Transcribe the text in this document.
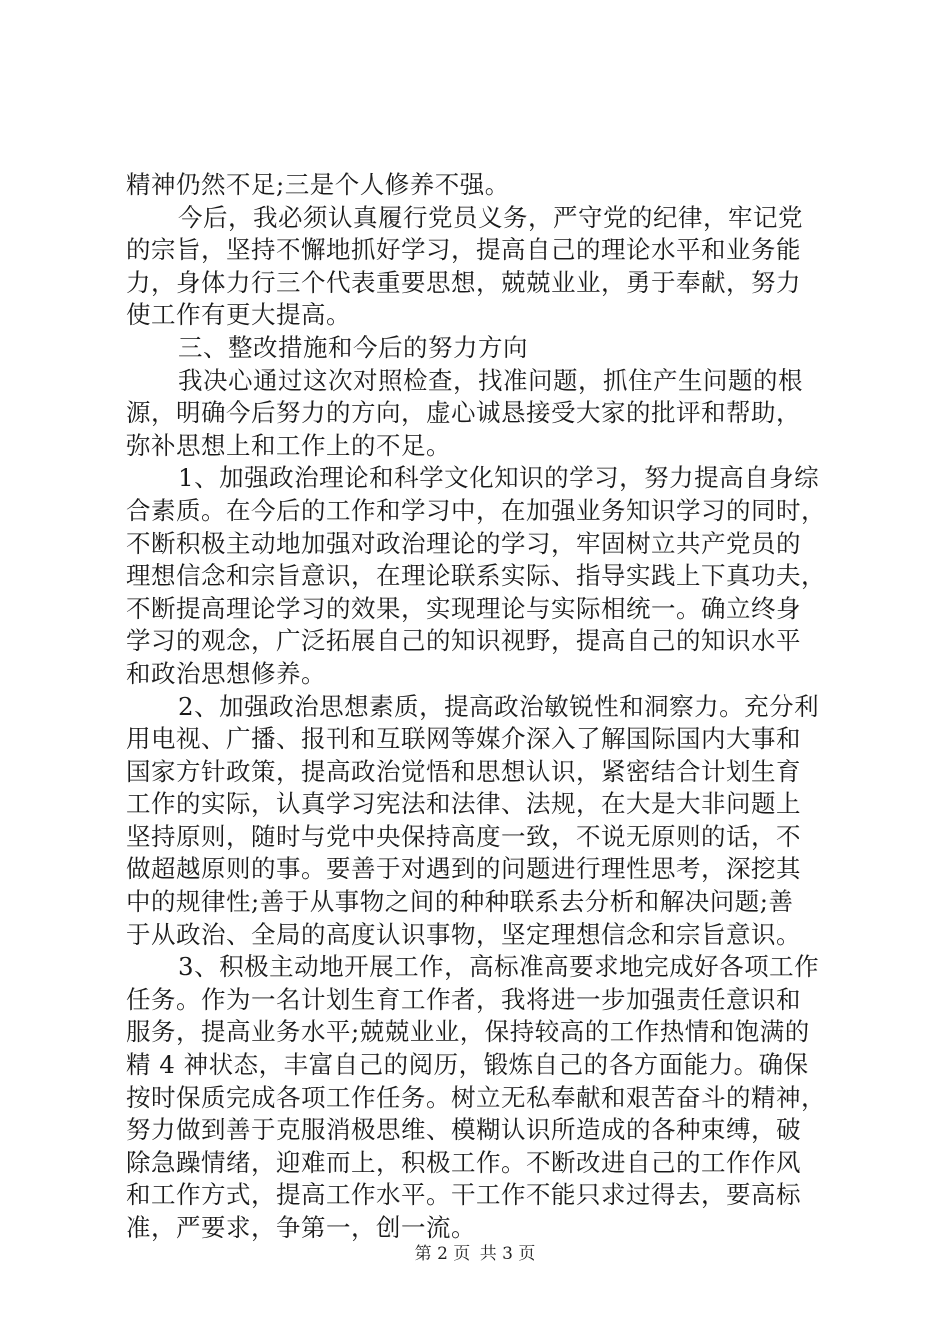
精神仍然不足;三是个人修养不强。
今后，我必须认真履行党员义务，严守党的纪律，牢记党
的宗旨，坚持不懈地抓好学习，提高自己的理论水平和业务能
力，身体力行三个代表重要思想，兢兢业业，勇于奉献，努力
使工作有更大提高。
三、整改措施和今后的努力方向
我决心通过这次对照检查，找准问题，抓住产生问题的根
源，明确今后努力的方向，虚心诚恳接受大家的批评和帮助，
弥补思想上和工作上的不足。
1、加强政治理论和科学文化知识的学习，努力提高自身综
合素质。在今后的工作和学习中，在加强业务知识学习的同时，
不断积极主动地加强对政治理论的学习，牢固树立共产党员的
理想信念和宗旨意识，在理论联系实际、指导实践上下真功夫，
不断提高理论学习的效果，实现理论与实际相统一。确立终身
学习的观念，广泛拓展自己的知识视野，提高自己的知识水平
和政治思想修养。
2、加强政治思想素质，提高政治敏锐性和洞察力。充分利
用电视、广播、报刊和互联网等媒介深入了解国际国内大事和
国家方针政策，提高政治觉悟和思想认识，紧密结合计划生育
工作的实际，认真学习宪法和法律、法规，在大是大非问题上
坚持原则，随时与党中央保持高度一致，不说无原则的话，不
做超越原则的事。要善于对遇到的问题进行理性思考，深挖其
中的规律性;善于从事物之间的种种联系去分析和解决问题;善
于从政治、全局的高度认识事物，坚定理想信念和宗旨意识。
3、积极主动地开展工作，高标准高要求地完成好各项工作
任务。作为一名计划生育工作者，我将进一步加强责任意识和
服务，提高业务水平;兢兢业业，保持较高的工作热情和饱满的
精 4 神状态，丰富自己的阅历，锻炼自己的各方面能力。确保
按时保质完成各项工作任务。树立无私奉献和艰苦奋斗的精神，
努力做到善于克服消极思维、模糊认识所造成的各种束缚，破
除急躁情绪，迎难而上，积极工作。不断改进自己的工作作风
和工作方式，提高工作水平。干工作不能只求过得去，要高标
准，严要求，争第一，创一流。
第 2 页 共 3 页
